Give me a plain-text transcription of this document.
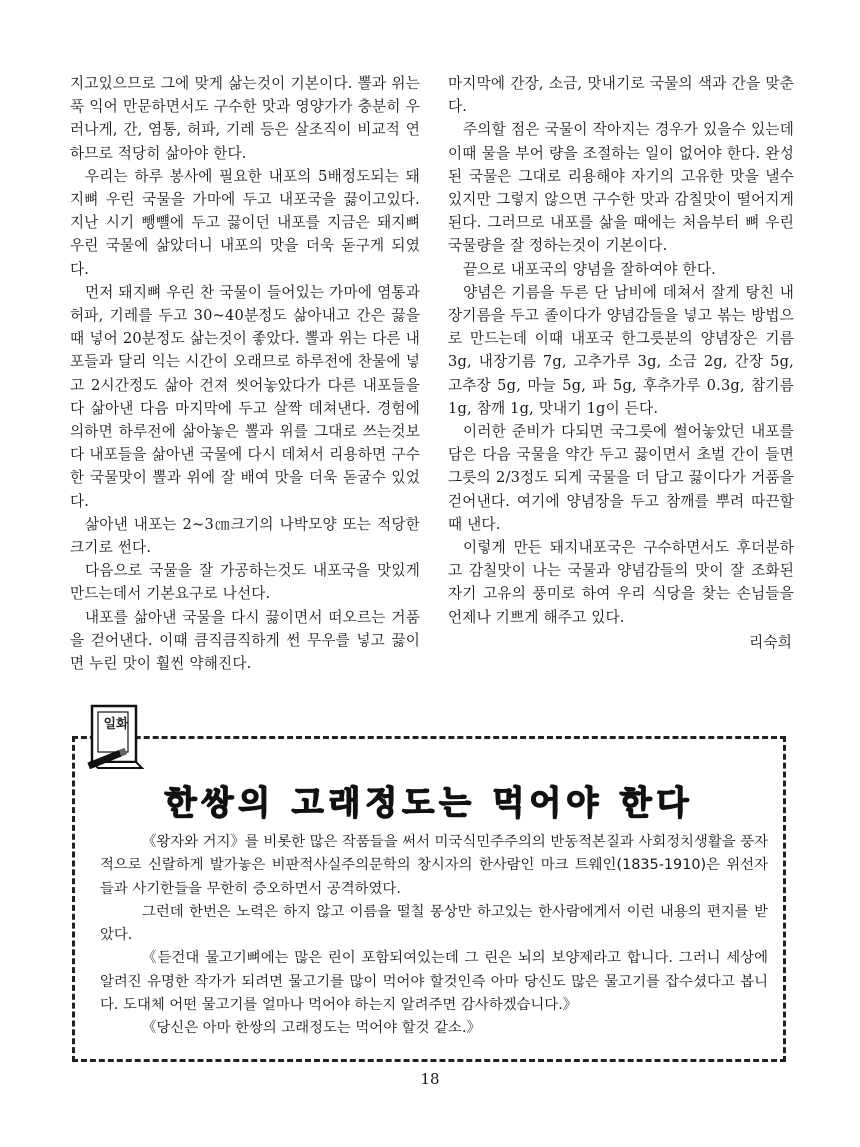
지고있으므로 그에 맞게 삶는것이 기본이다. 뽈과 위는 푹 익어 만문하면서도 구수한 맛과 영양가가 충분히 우러나게, 간, 염통, 허파, 기레 등은 살조직이 비교적 연하므로 적당히 삶아야 한다.

우리는 하루 봉사에 필요한 내포의 5배정도되는 돼지뼈 우린 국물을 가마에 두고 내포국을 끓이고있다. 지난 시기 뺑뺼에 두고 끓이던 내포를 지금은 돼지뼈 우린 국물에 삶았더니 내포의 맛을 더욱 돋구게 되였다.

먼저 돼지뼈 우린 찬 국물이 들어있는 가마에 염통과 허파, 기레를 두고 30~40분정도 삶아내고 간은 끓을 때 넣어 20분정도 삶는것이 좋았다. 뽈과 위는 다른 내포들과 달리 익는 시간이 오래므로 하루전에 찬물에 넣고 2시간정도 삶아 건져 씻어놓았다가 다른 내포들을 다 삶아낸 다음 마지막에 두고 살짝 데쳐낸다. 경험에 의하면 하루전에 삶아놓은 뽈과 위를 그대로 쓰는것보다 내포들을 삶아낸 국물에 다시 데쳐서 리용하면 구수한 국물맛이 뽈과 위에 잘 배여 맛을 더욱 돋굴수 있었다.

삶아낸 내포는 2~3㎝크기의 나박모양 또는 적당한 크기로 썬다.

다음으로 국물을 잘 가공하는것도 내포국을 맛있게 만드는데서 기본요구로 나선다.

내포를 삶아낸 국물을 다시 끓이면서 떠오르는 거품을 걷어낸다. 이때 큼직큼직하게 썬 무우를 넣고 끓이면 누린 맛이 훨씬 약해진다.

마지막에 간장, 소금, 맛내기로 국물의 색과 간을 맞춘다.

주의할 점은 국물이 작아지는 경우가 있을수 있는데 이때 물을 부어 량을 조절하는 일이 없어야 한다. 완성된 국물은 그대로 리용해야 자기의 고유한 맛을 낼수 있지만 그렇지 않으면 구수한 맛과 감칠맛이 떨어지게 된다. 그러므로 내포를 삶을 때에는 처음부터 뼈 우린 국물량을 잘 정하는것이 기본이다.

끝으로 내포국의 양념을 잘하여야 한다.

양념은 기름을 두른 단 남비에 데쳐서 잘게 탕친 내장기름을 두고 졸이다가 양념감들을 넣고 볶는 방법으로 만드는데 이때 내포국 한그릇분의 양념장은 기름 3g, 내장기름 7g, 고추가루 3g, 소금 2g, 간장 5g, 고추장 5g, 마늘 5g, 파 5g, 후추가루 0.3g, 참기름 1g, 참깨 1g, 맛내기 1g이 든다.

이러한 준비가 다되면 국그릇에 썰어놓았던 내포를 담은 다음 국물을 약간 두고 끓이면서 초벌 간이 들면 그릇의 2/3정도 되게 국물을 더 담고 끓이다가 거품을 걷어낸다. 여기에 양념장을 두고 참깨를 뿌려 따끈할 때 낸다.

이렇게 만든 돼지내포국은 구수하면서도 후더분하고 감칠맛이 나는 국물과 양념감들의 맛이 잘 조화된 자기 고유의 풍미로 하여 우리 식당을 찾는 손님들을 언제나 기쁘게 해주고 있다.

리숙희

한쌍의 고래정도는 먹어야 한다

《왕자와 거지》를 비롯한 많은 작품들을 써서 미국식민주주의의 반동적본질과 사회정치생활을 풍자적으로 신랄하게 발가놓은 비판적사실주의문학의 창시자의 한사람인 마크 트웨인(1835-1910)은 위선자들과 사기한들을 무한히 증오하면서 공격하였다.

그런데 한번은 노력은 하지 않고 이름을 떨칠 몽상만 하고있는 한사람에게서 이런 내용의 편지를 받았다.

《듣건대 물고기뼈에는 많은 린이 포함되여있는데 그 린은 뇌의 보양제라고 합니다. 그러니 세상에 알려진 유명한 작가가 되려면 물고기를 많이 먹어야 할것인즉 아마 당신도 많은 물고기를 잡수셨다고 봅니다. 도대체 어떤 물고기를 얼마나 먹어야 하는지 알려주면 감사하겠습니다.》

《당신은 아마 한쌍의 고래정도는 먹어야 할것 같소.》

일화
18
